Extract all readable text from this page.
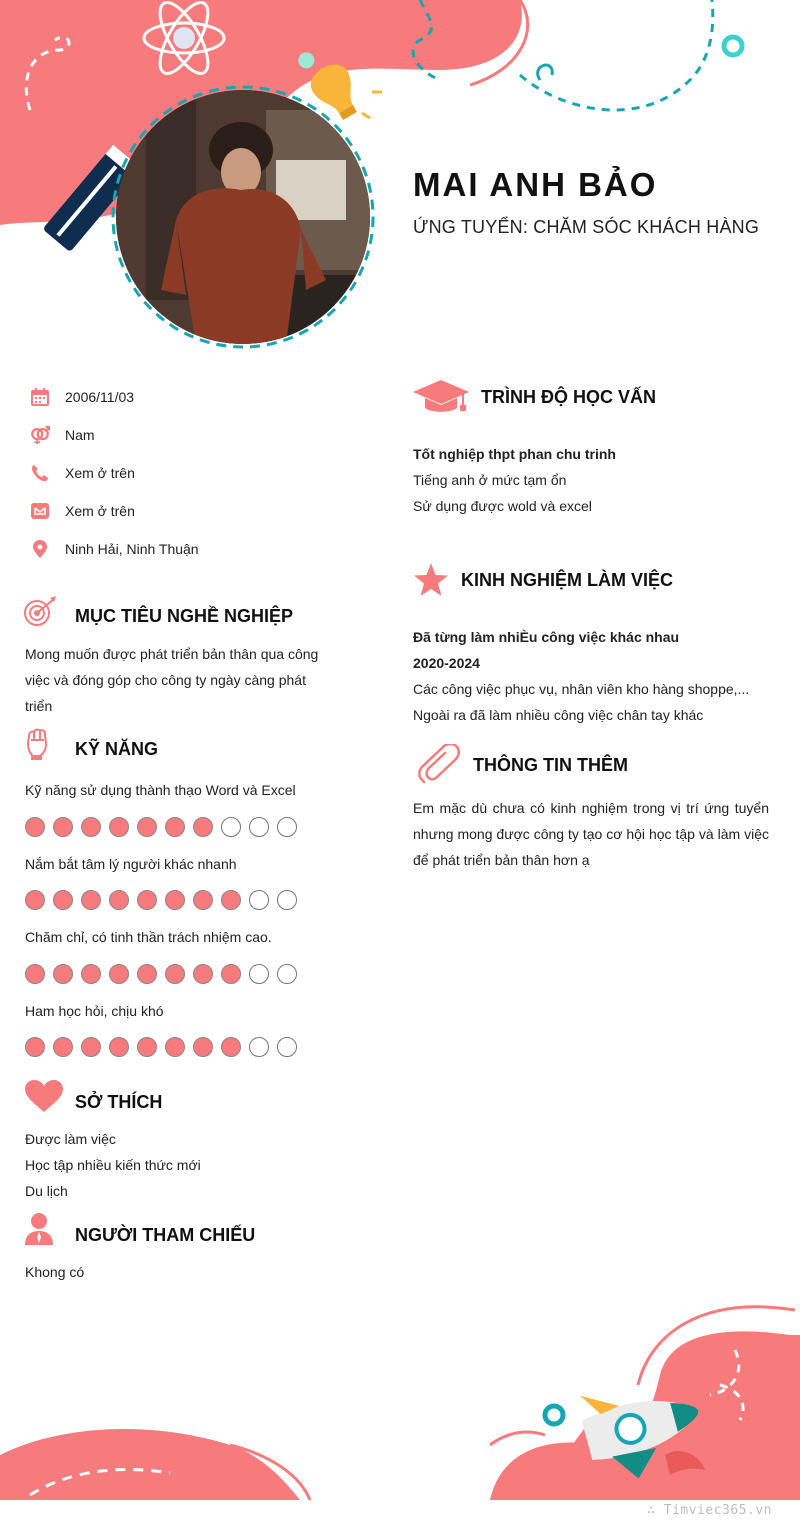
MAI ANH BẢO
ỨNG TUYỂN: CHĂM SÓC KHÁCH HÀNG
2006/11/03
Nam
Xem ở trên
Xem ở trên
Ninh Hải, Ninh Thuận
MỤC TIÊU NGHỀ NGHIỆP
Mong muốn được phát triển bản thân qua công
việc và đóng góp cho công ty ngày càng phát
triển
KỸ NĂNG
Kỹ năng sử dụng thành thạo Word và Excel
Nắm bắt tâm lý người khác nhanh
Chăm chỉ, có tinh thần trách nhiệm cao.
Ham học hỏi, chịu khó
SỞ THÍCH
Được làm việc
Học tập nhiều kiến thức mới
Du lịch
NGƯỜI THAM CHIẾU
Khong có
TRÌNH ĐỘ HỌC VẤN
Tốt nghiệp thpt phan chu trinh
Tiếng anh ở mức tạm ổn
Sử dụng được wold và excel
KINH NGHIỆM LÀM VIỆC
Đã từng làm nhiÈu công việc khác nhau
2020-2024
Các công việc phục vụ, nhân viên kho hàng shoppe,...
Ngoài ra đã làm nhiều công việc chân tay khác
THÔNG TIN THÊM
Em mặc dù chưa có kinh nghiệm trong vị trí ứng tuyển
nhưng mong được công ty tạo cơ hội học tập và làm việc
để phát triển bản thân hơn ạ
∴ Timviec365.vn
